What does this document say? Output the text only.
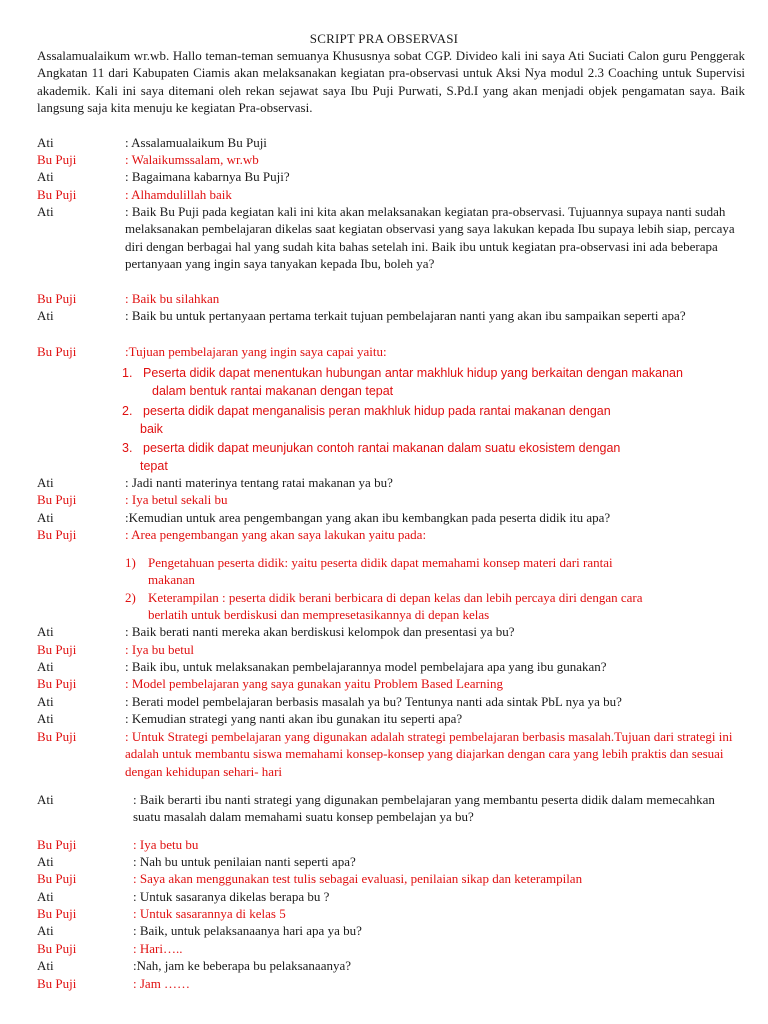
SCRIPT PRA OBSERVASI
Assalamualaikum wr.wb. Hallo teman-teman semuanya Khususnya sobat CGP. Divideo kali ini saya Ati Suciati Calon guru Penggerak Angkatan 11 dari Kabupaten Ciamis akan melaksanakan kegiatan pra-observasi untuk Aksi Nya modul 2.3 Coaching untuk Supervisi akademik. Kali ini saya ditemani oleh rekan sejawat saya Ibu Puji Purwati, S.Pd.I yang akan menjadi objek pengamatan saya. Baik langsung saja kita menuju ke kegiatan Pra-observasi.
Ati	: Assalamualaikum Bu Puji
Bu Puji	: Walaikumssalam, wr.wb
Ati	: Bagaimana kabarnya Bu Puji?
Bu Puji	: Alhamdulillah baik
Ati	: Baik Bu Puji pada kegiatan kali ini kita akan melaksanakan kegiatan pra-observasi. Tujuannya supaya nanti sudah melaksanakan pembelajaran dikelas saat kegiatan observasi yang saya lakukan kepada Ibu supaya lebih siap, percaya diri dengan berbagai hal yang sudah kita bahas setelah ini. Baik ibu untuk kegiatan pra-observasi ini ada beberapa pertanyaan yang ingin saya tanyakan kepada Ibu, boleh ya?
Bu Puji	: Baik bu silahkan
Ati	: Baik bu untuk pertanyaan pertama terkait tujuan pembelajaran nanti yang akan ibu sampaikan seperti apa?
Bu Puji	:Tujuan pembelajaran yang ingin saya capai yaitu:
1. Peserta didik dapat menentukan hubungan antar makhluk hidup yang berkaitan dengan makanan
dalam bentuk rantai makanan dengan tepat
2. peserta didik dapat menganalisis peran makhluk hidup pada rantai makanan dengan
baik
3. peserta didik dapat meunjukan contoh rantai makanan dalam suatu ekosistem dengan
tepat
Ati	: Jadi nanti materinya tentang ratai makanan ya bu?
Bu Puji	: Iya betul sekali bu
Ati	:Kemudian untuk area pengembangan yang akan ibu kembangkan pada peserta didik itu apa?
Bu Puji	: Area pengembangan yang akan saya lakukan yaitu pada:
1) Pengetahuan peserta didik: yaitu peserta didik dapat memahami konsep materi dari rantai
makanan
2) Keterampilan : peserta didik berani berbicara di depan kelas dan lebih percaya diri dengan cara
berlatih untuk berdiskusi dan mempresetasikannya di depan kelas
Ati	: Baik berati nanti mereka akan berdiskusi kelompok dan presentasi ya bu?
Bu Puji	: Iya bu betul
Ati	: Baik ibu, untuk melaksanakan pembelajarannya model pembelajara apa yang ibu gunakan?
Bu Puji	: Model pembelajaran yang saya gunakan yaitu Problem Based Learning
Ati	: Berati model pembelajaran berbasis masalah ya bu? Tentunya nanti ada sintak PbL nya ya bu?
Ati	: Kemudian strategi yang nanti akan ibu gunakan itu seperti apa?
Bu Puji	: Untuk Strategi pembelajaran yang digunakan adalah strategi pembelajaran berbasis masalah.Tujuan dari strategi ini adalah untuk membantu siswa memahami konsep-konsep yang diajarkan dengan cara yang lebih praktis dan sesuai dengan kehidupan sehari- hari
Ati	: Baik berarti ibu nanti strategi yang digunakan pembelajaran yang membantu peserta didik dalam memecahkan suatu masalah dalam memahami suatu konsep pembelajan ya bu?
Bu Puji	: Iya betu bu
Ati	: Nah bu untuk penilaian nanti seperti apa?
Bu Puji	: Saya akan menggunakan test tulis sebagai evaluasi, penilaian sikap dan keterampilan
Ati	: Untuk sasaranya dikelas berapa bu ?
Bu Puji	: Untuk sasarannya di kelas 5
Ati	: Baik, untuk pelaksanaanya hari apa ya bu?
Bu Puji	: Hari…..
Ati	:Nah, jam ke beberapa bu pelaksanaanya?
Bu Puji	: Jam ……
